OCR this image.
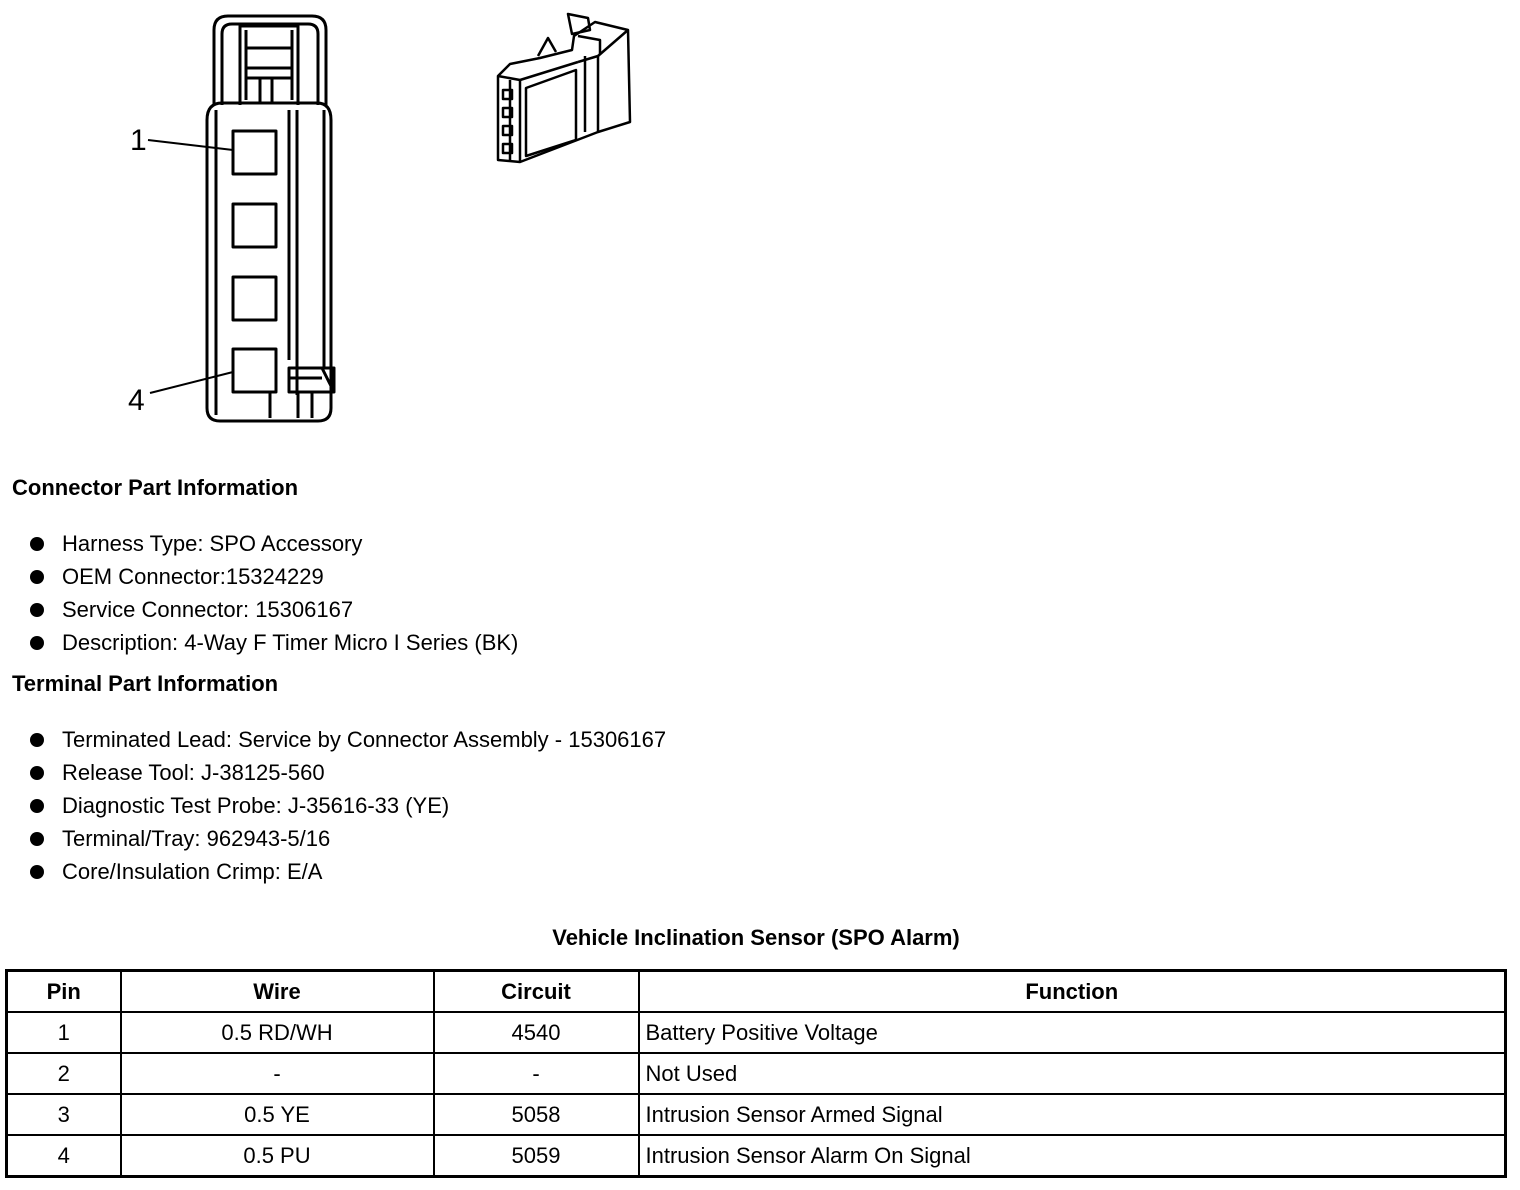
1
4
Connector Part Information
Harness Type: SPO Accessory
OEM Connector:15324229
Service Connector: 15306167
Description: 4-Way F Timer Micro I Series (BK)
Terminal Part Information
Terminated Lead: Service by Connector Assembly - 15306167
Release Tool: J-38125-560
Diagnostic Test Probe: J-35616-33 (YE)
Terminal/Tray: 962943-5/16
Core/Insulation Crimp: E/A
Vehicle Inclination Sensor (SPO Alarm)
Pin	Wire	Circuit	Function
1	0.5 RD/WH	4540	Battery Positive Voltage
2	-	-	Not Used
3	0.5 YE	5058	Intrusion Sensor Armed Signal
4	0.5 PU	5059	Intrusion Sensor Alarm On Signal
